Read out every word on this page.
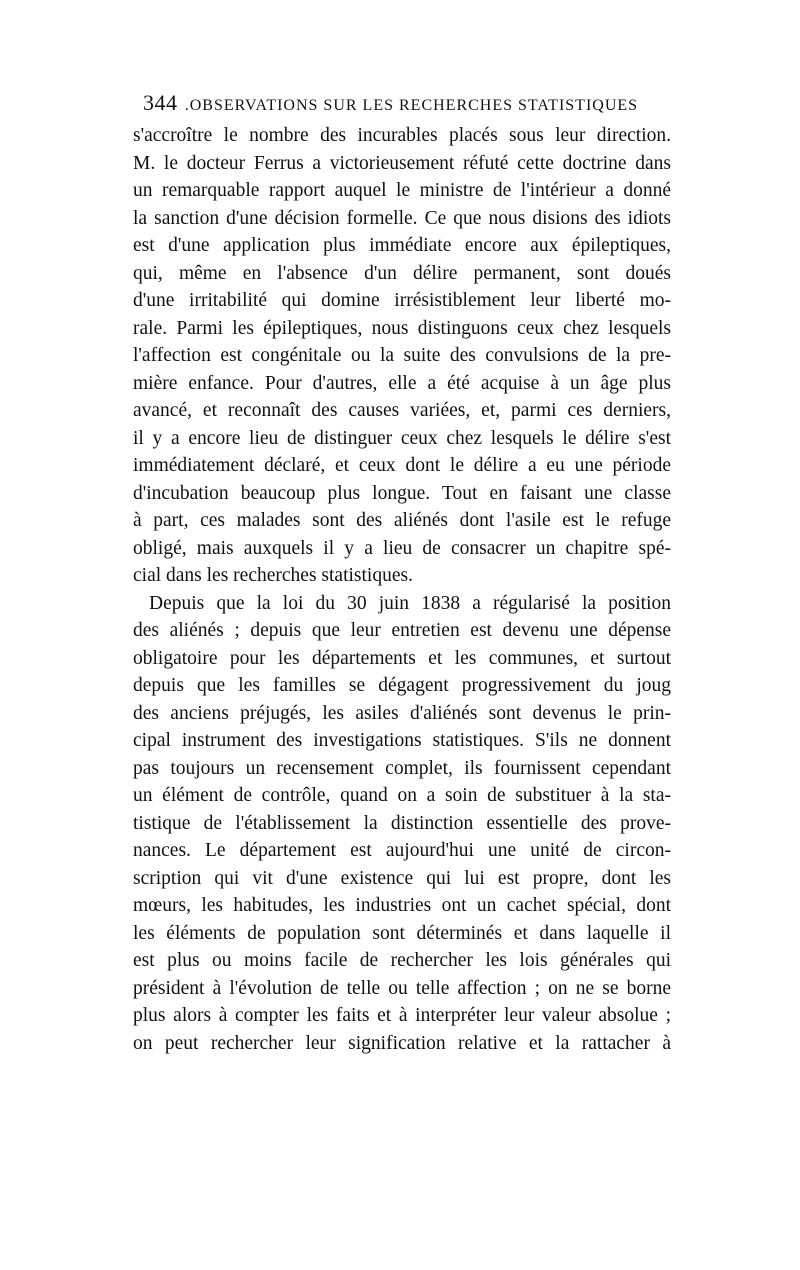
344 .OBSERVATIONS SUR LES RECHERCHES STATISTIQUES
s'accroître le nombre des incurables placés sous leur direction.
M. le docteur Ferrus a victorieusement réfuté cette doctrine dans
un remarquable rapport auquel le ministre de l'intérieur a donné
la sanction d'une décision formelle. Ce que nous disions des idiots
est d'une application plus immédiate encore aux épileptiques,
qui, même en l'absence d'un délire permanent, sont doués
d'une irritabilité qui domine irrésistiblement leur liberté mo-
rale. Parmi les épileptiques, nous distinguons ceux chez lesquels
l'affection est congénitale ou la suite des convulsions de la pre-
mière enfance. Pour d'autres, elle a été acquise à un âge plus
avancé, et reconnaît des causes variées, et, parmi ces derniers,
il y a encore lieu de distinguer ceux chez lesquels le délire s'est
immédiatement déclaré, et ceux dont le délire a eu une période
d'incubation beaucoup plus longue. Tout en faisant une classe
à part, ces malades sont des aliénés dont l'asile est le refuge
obligé, mais auxquels il y a lieu de consacrer un chapitre spé-
cial dans les recherches statistiques.
Depuis que la loi du 30 juin 1838 a régularisé la position
des aliénés ; depuis que leur entretien est devenu une dépense
obligatoire pour les départements et les communes, et surtout
depuis que les familles se dégagent progressivement du joug
des anciens préjugés, les asiles d'aliénés sont devenus le prin-
cipal instrument des investigations statistiques. S'ils ne donnent
pas toujours un recensement complet, ils fournissent cependant
un élément de contrôle, quand on a soin de substituer à la sta-
tistique de l'établissement la distinction essentielle des prove-
nances. Le département est aujourd'hui une unité de circon-
scription qui vit d'une existence qui lui est propre, dont les
mœurs, les habitudes, les industries ont un cachet spécial, dont
les éléments de population sont déterminés et dans laquelle il
est plus ou moins facile de rechercher les lois générales qui
président à l'évolution de telle ou telle affection ; on ne se borne
plus alors à compter les faits et à interpréter leur valeur absolue ;
on peut rechercher leur signification relative et la rattacher à
